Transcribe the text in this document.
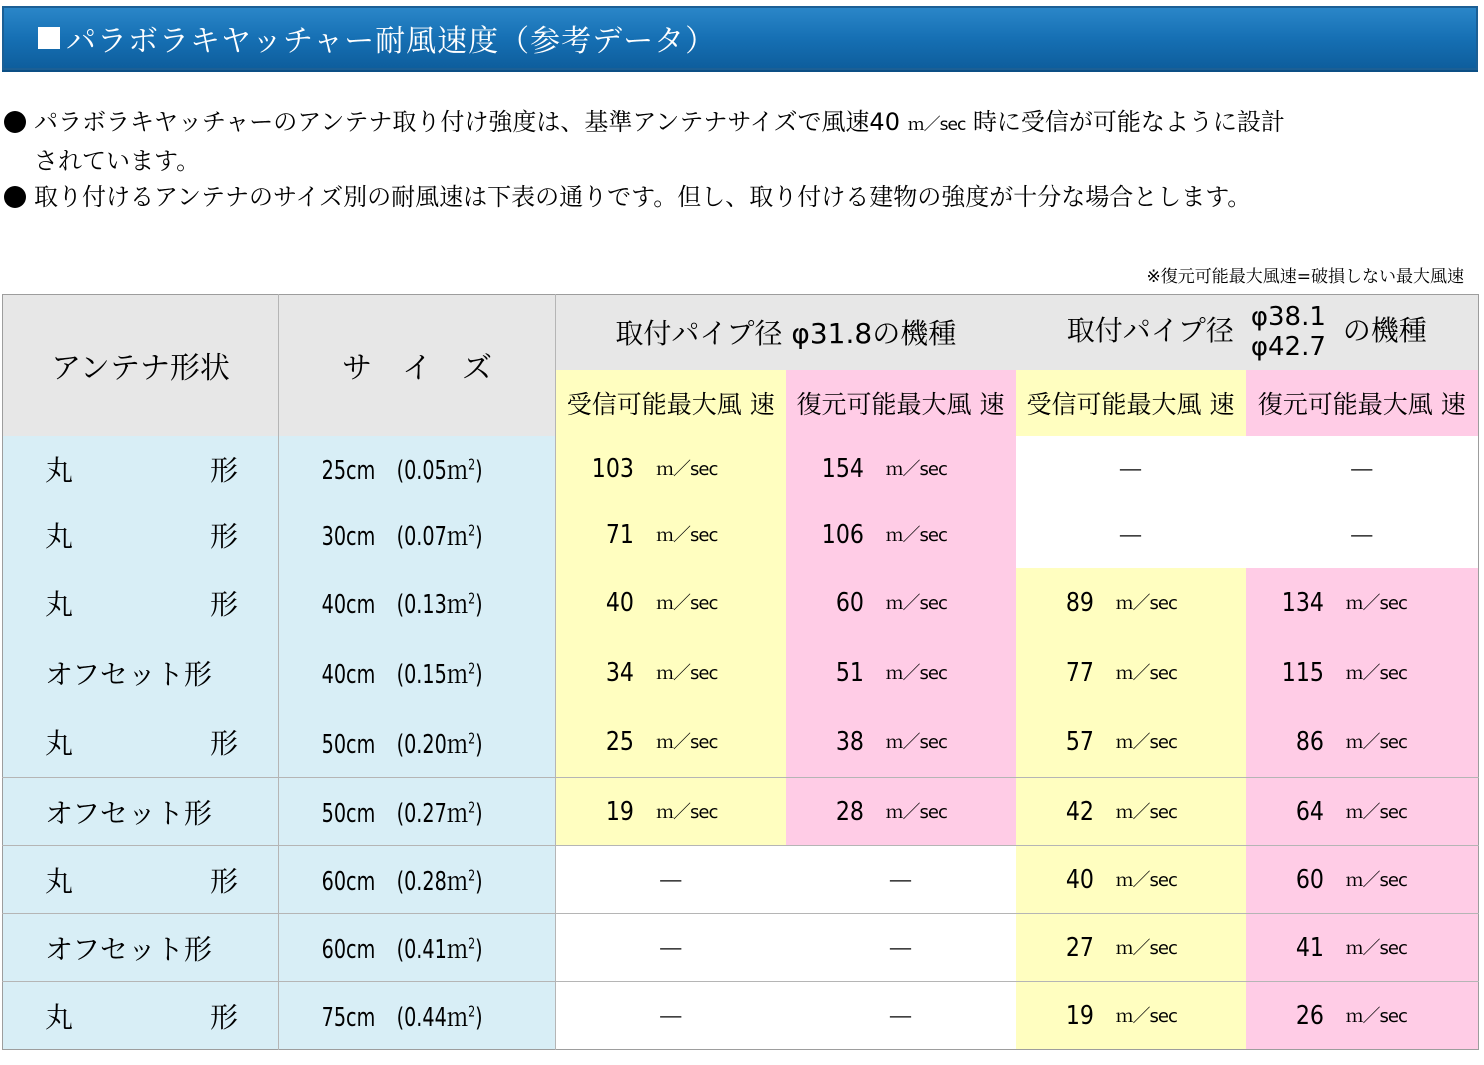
パラボラキヤッチャー耐風速度（参考データ）
パラボラキヤッチャーのアンテナ取り付け強度は、基準アンテナサイズで風速40 ｍ／sec 時に受信が可能なように設計
されています。
取り付けるアンテナのサイズ別の耐風速は下表の通りです。但し、取り付ける建物の強度が十分な場合とします。
※復元可能最大風速=破損しない最大風速
アンテナ形状	サ　イ　ズ	取付パイプ径 φ31.8の機種		取付パイプ径 φ38.1
φ42.7 の機種	
		受信可能最大風 速	復元可能最大風 速	受信可能最大風 速	復元可能最大風 速

丸 形	25cm　(0.05ｍ$^2$)	103 ｍ／sec	154 ｍ／sec	－	－

丸 形	30cm　(0.07ｍ$^2$)	71 ｍ／sec	106 ｍ／sec	－	－

丸 形	40cm　(0.13ｍ$^2$)	40 ｍ／sec	60 ｍ／sec	89 ｍ／sec	134 ｍ／sec

オフセット形	40cm　(0.15ｍ$^2$)	34 ｍ／sec	51 ｍ／sec	77 ｍ／sec	115 ｍ／sec

丸 形	50cm　(0.20ｍ$^2$)	25 ｍ／sec	38 ｍ／sec	57 ｍ／sec	86 ｍ／sec

オフセット形	50cm　(0.27ｍ$^2$)	19 ｍ／sec	28 ｍ／sec	42 ｍ／sec	64 ｍ／sec

丸 形	60cm　(0.28ｍ$^2$)	－	－	40 ｍ／sec	60 ｍ／sec

オフセット形	60cm　(0.41ｍ$^2$)	－	－	27 ｍ／sec	41 ｍ／sec

丸 形	75cm　(0.44ｍ$^2$)	－	－	19 ｍ／sec	26 ｍ／sec
